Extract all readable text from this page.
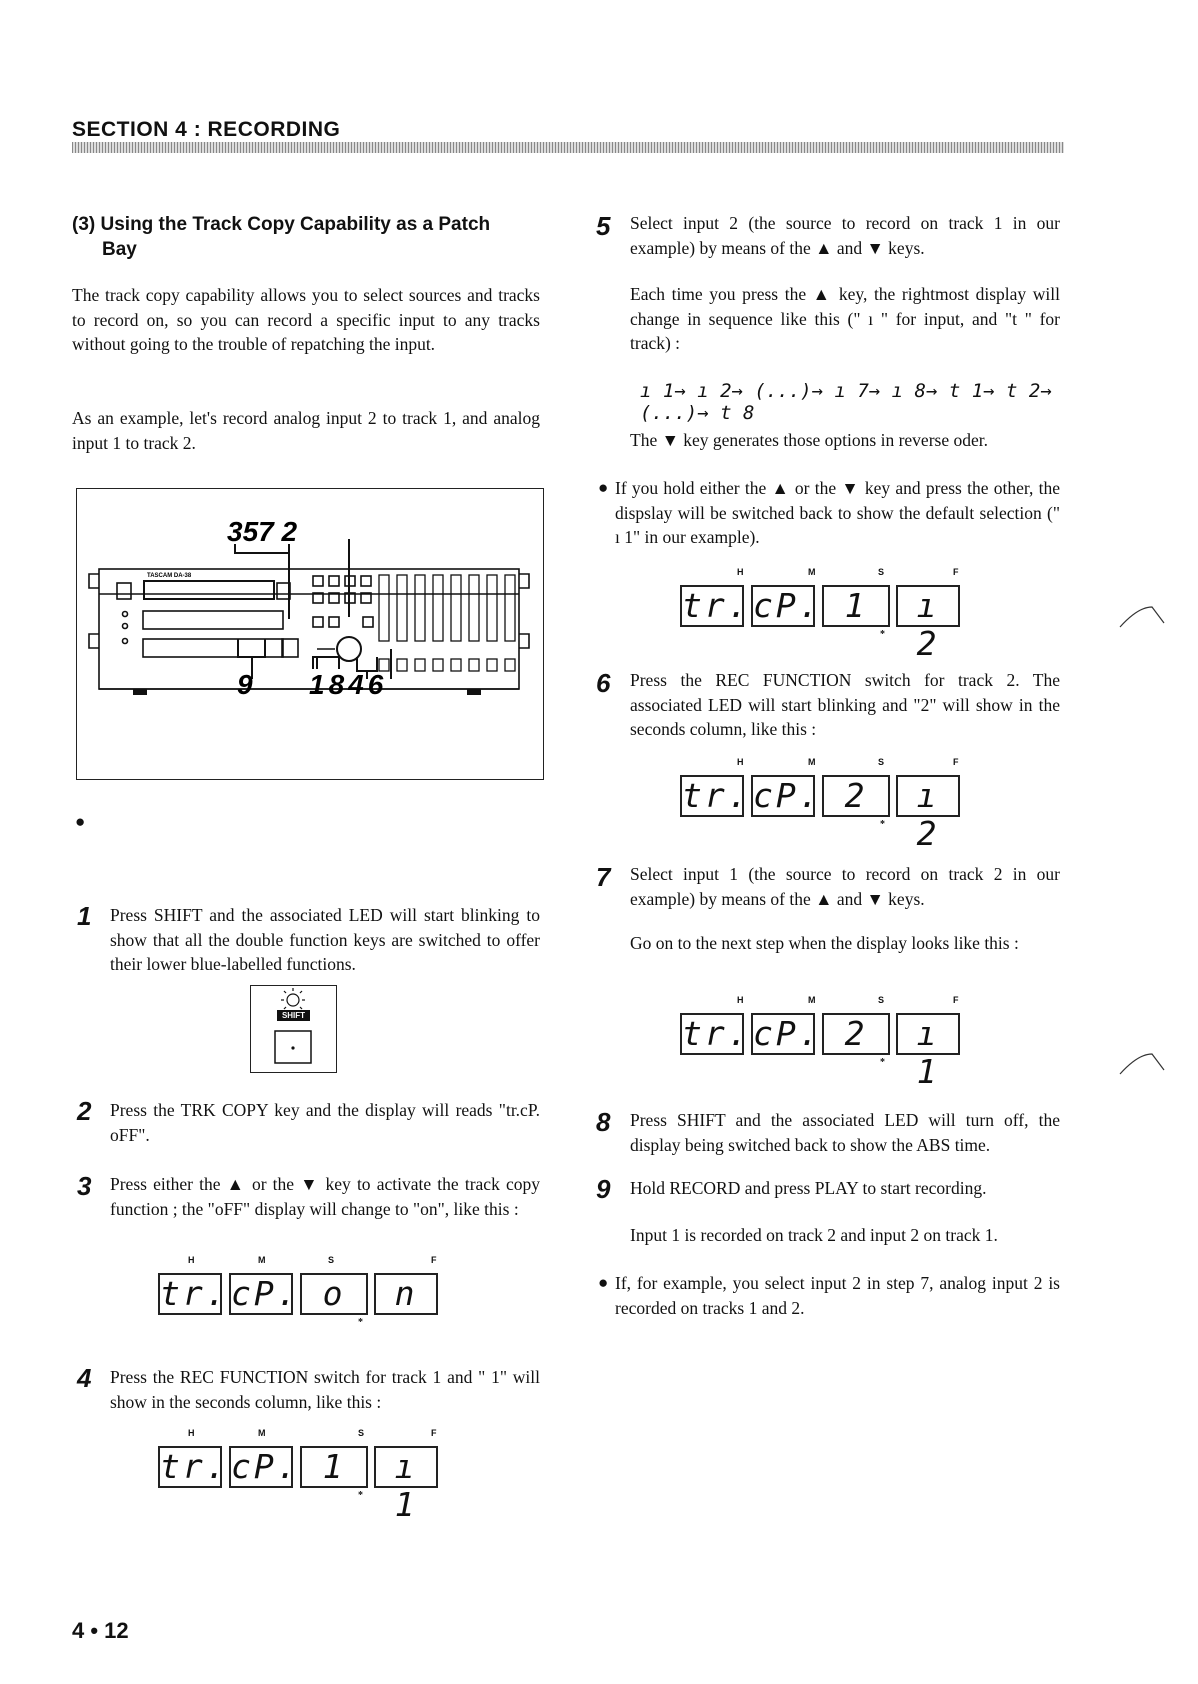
SECTION 4 : RECORDING
(3) Using the Track Copy Capability as a Patch
Bay
The track copy capability allows you to select sources and tracks to record on, so you can record a specific input to any tracks without going to the trouble of repatching the input.
As an example, let's record analog input 2 to track 1, and analog input 1 to track 2.
357 2
9 1846
TASCAM DA-38
●
1 Press SHIFT and the associated LED will start blinking to show that all the double function keys are switched to offer their lower blue-labelled functions.
SHIFT
2 Press the TRK COPY key and the display will reads "tr.cP. oFF".
3 Press either the ▲ or the ▼ key to activate the track copy function ; the "oFF" display will change to "on", like this :
H	M	S	F
tr. cP. o	n
*
4 Press the REC FUNCTION switch for track 1 and " 1" will show in the seconds column, like this :
H	M	S	F
tr. cP. 1	ı 1
*
5 Select input 2 (the source to record on track 1 in our example) by means of the ▲ and ▼ keys.
Each time you press the ▲ key, the rightmost display will change in sequence like this (" ı " for input, and "t " for track) :
ı 1→ ı 2→ (...)→ ı 7→ ı 8→ t 1→ t 2→ (...)→ t 8
The ▼ key generates those options in reverse oder.
● If you hold either the ▲ or the ▼ key and press the other, the dispslay will be switched back to show the default selection (" ı 1" in our example).
H	M	S	F
tr. cP. 1	ı 2
*
6 Press the REC FUNCTION switch for track 2. The associated LED will start blinking and "2" will show in the seconds column, like this :
H	M	S	F
tr. cP. 2	ı 2
*
7 Select input 1 (the source to record on track 2 in our example) by means of the ▲ and ▼ keys.
Go on to the next step when the display looks like this :
H	M	S	F
tr. cP. 2	ı 1
*
8 Press SHIFT and the associated LED will turn off, the display being switched back to show the ABS time.
9 Hold RECORD and press PLAY to start recording.
Input 1 is recorded on track 2 and input 2 on track 1.
● If, for example, you select input 2 in step 7, analog input 2 is recorded on tracks 1 and 2.
4 • 12
